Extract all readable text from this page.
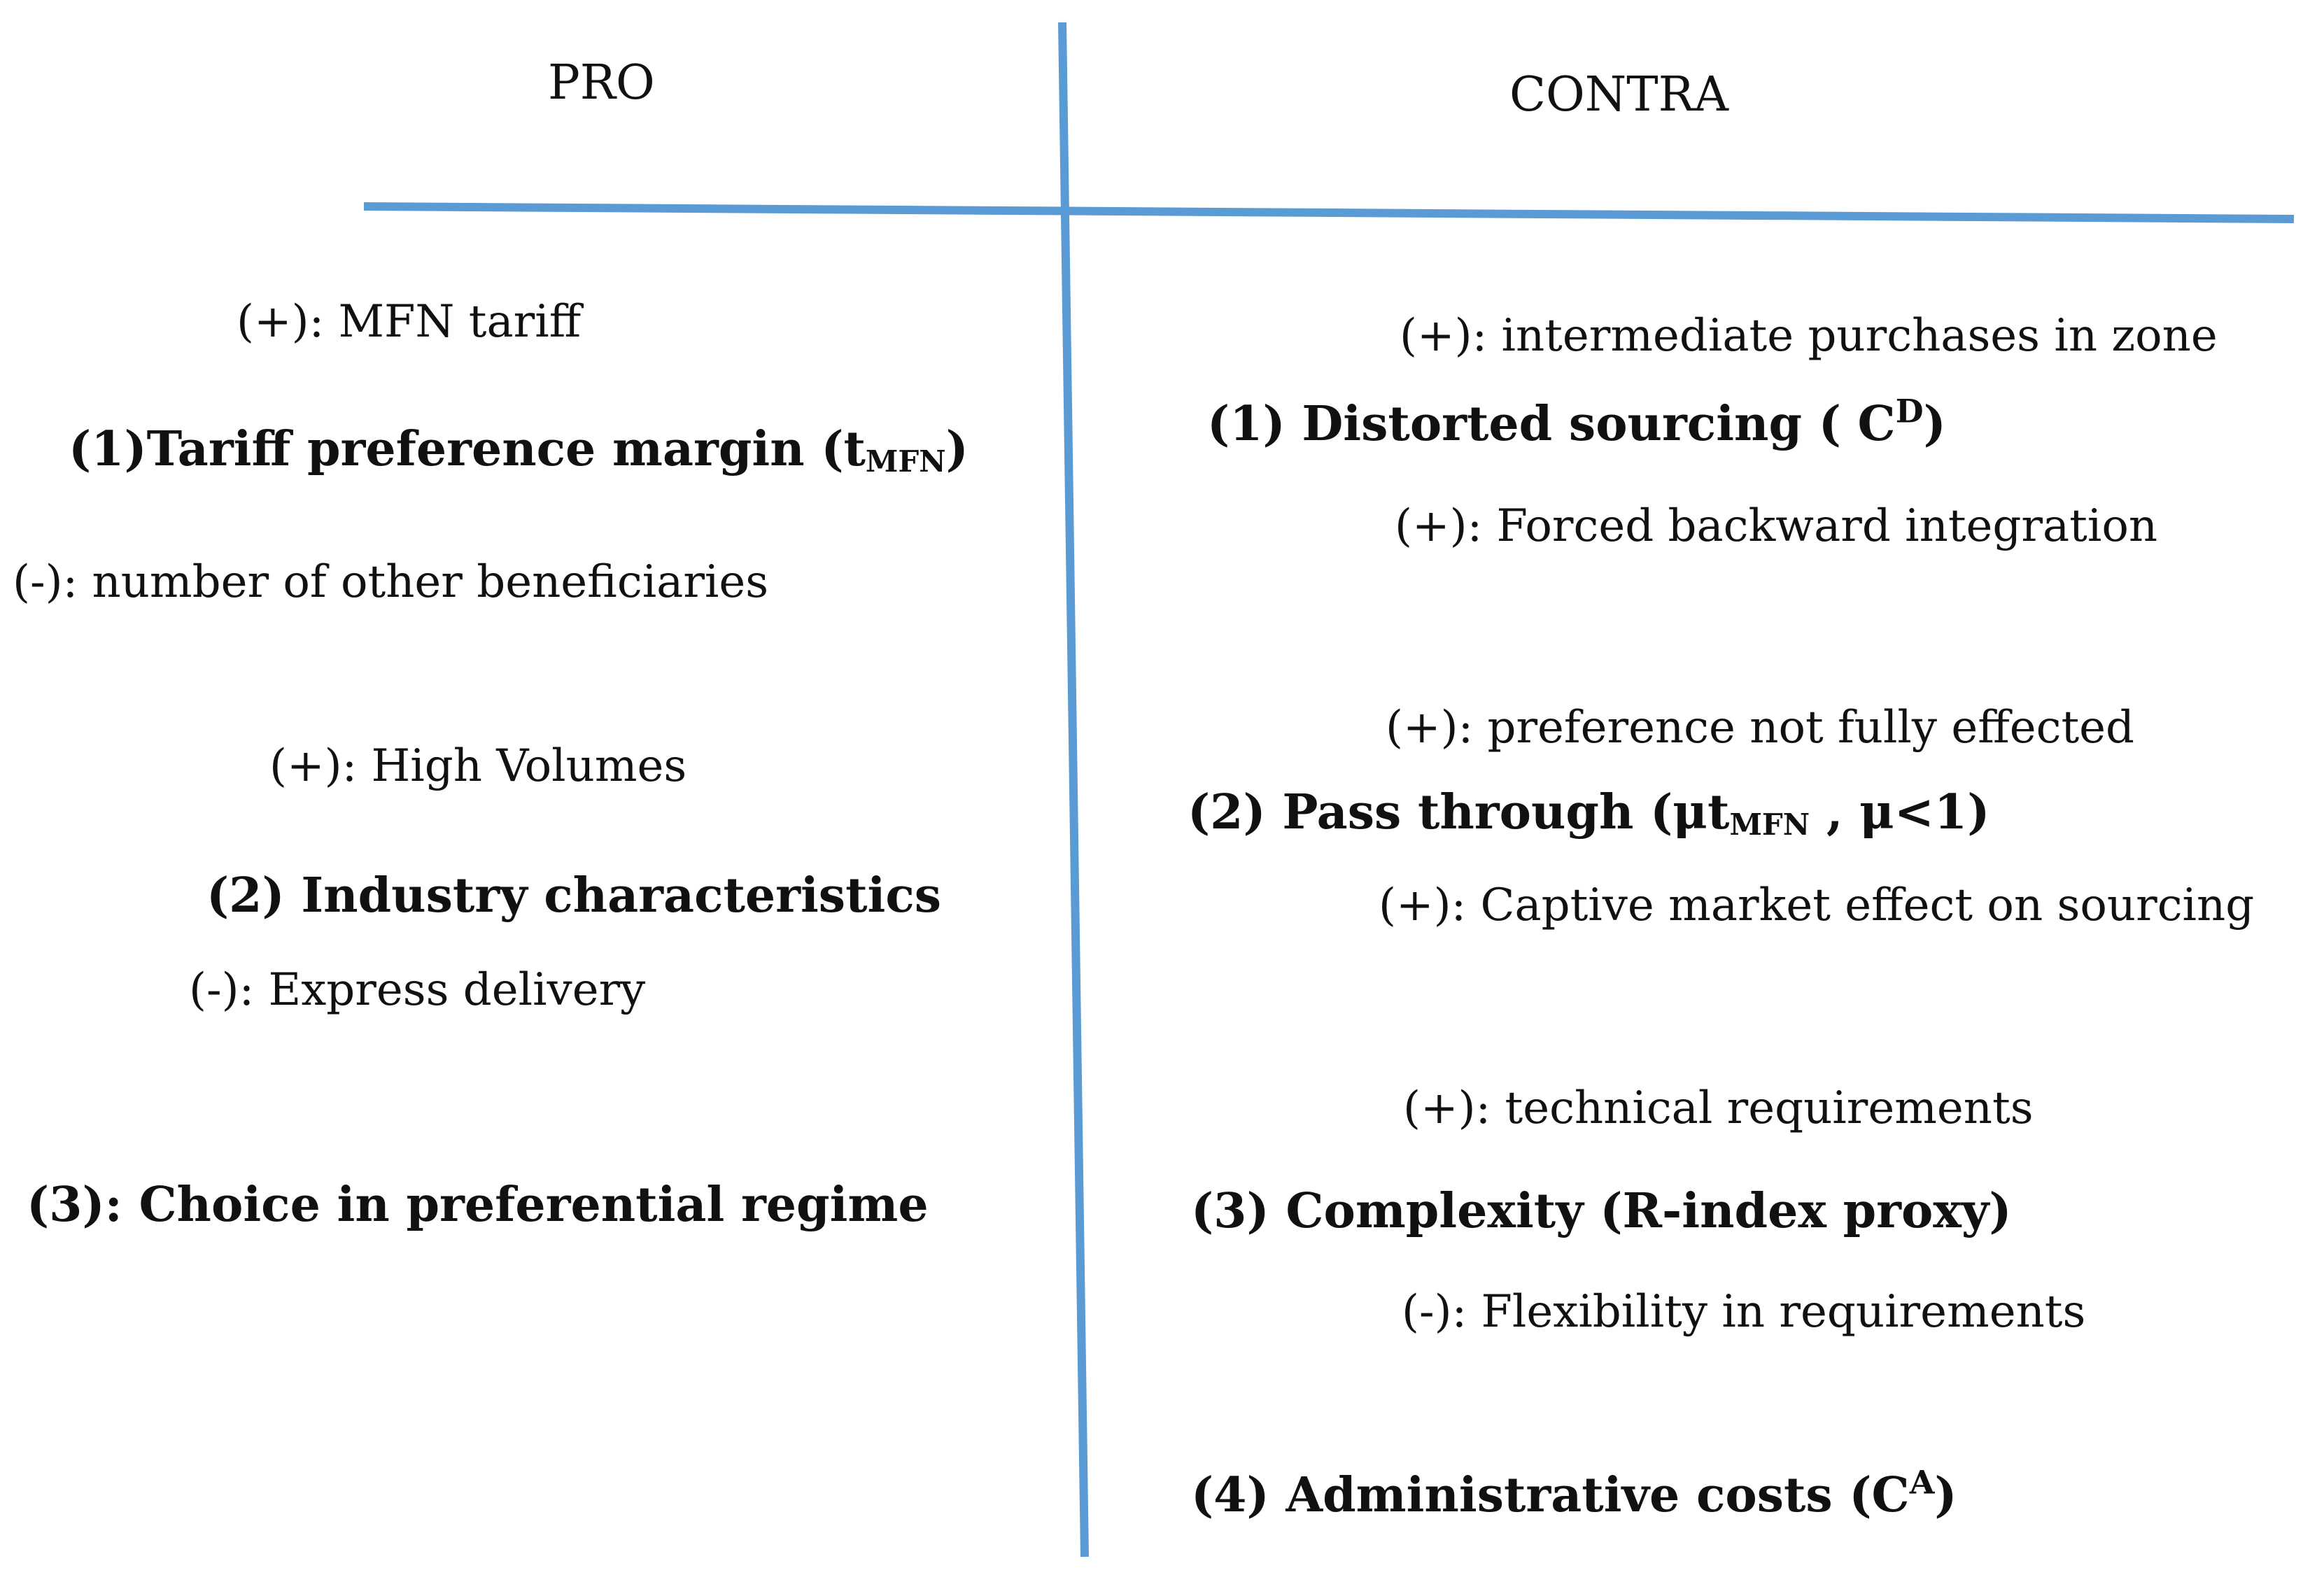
PRO	CONTRA
(+): MFN tariff
(1)Tariff preference margin $(t_{MFN})$
(-): number of other beneficiaries
(+): High Volumes
(2) Industry characteristics
(-): Express delivery
(3): Choice in preferential regime
(+): intermediate purchases in zone
(1) Distorted sourcing ( $C^D$)
(+): Forced backward integration
(+): preference not fully effected
(2) Pass through ($\mu t_{MFN}$ , μ<1)
(+): Captive market effect on sourcing
(+): technical requirements
(3) Complexity (R-index proxy)
(-): Flexibility in requirements
(4) Administrative costs $(C^A)$
